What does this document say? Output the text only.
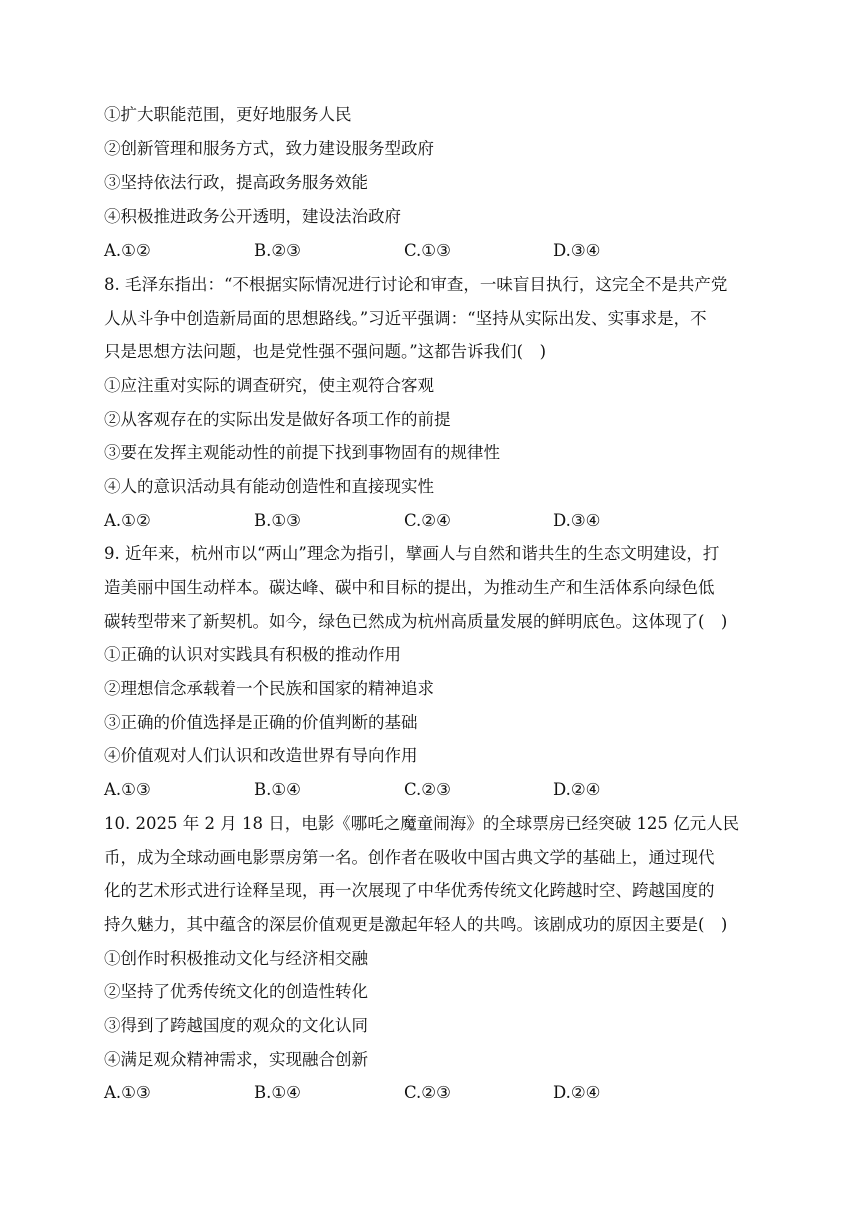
①扩大职能范围，更好地服务人民
②创新管理和服务方式，致力建设服务型政府
③坚持依法行政，提高政务服务效能
④积极推进政务公开透明，建设法治政府
A.①②	B.②③	C.①③	D.③④
8. 毛泽东指出：“不根据实际情况进行讨论和审查，一味盲目执行，这完全不是共产党
人从斗争中创造新局面的思想路线。”习近平强调：“坚持从实际出发、实事求是，不
只是思想方法问题，也是党性强不强问题。”这都告诉我们(　)
①应注重对实际的调查研究，使主观符合客观
②从客观存在的实际出发是做好各项工作的前提
③要在发挥主观能动性的前提下找到事物固有的规律性
④人的意识活动具有能动创造性和直接现实性
A.①②	B.①③	C.②④	D.③④
9. 近年来，杭州市以“两山”理念为指引，擘画人与自然和谐共生的生态文明建设，打
造美丽中国生动样本。碳达峰、碳中和目标的提出，为推动生产和生活体系向绿色低
碳转型带来了新契机。如今，绿色已然成为杭州高质量发展的鲜明底色。这体现了(　)
①正确的认识对实践具有积极的推动作用
②理想信念承载着一个民族和国家的精神追求
③正确的价值选择是正确的价值判断的基础
④价值观对人们认识和改造世界有导向作用
A.①③	B.①④	C.②③	D.②④
10. 2025 年 2 月 18 日，电影《哪吒之魔童闹海》的全球票房已经突破 125 亿元人民
币，成为全球动画电影票房第一名。创作者在吸收中国古典文学的基础上，通过现代
化的艺术形式进行诠释呈现，再一次展现了中华优秀传统文化跨越时空、跨越国度的
持久魅力，其中蕴含的深层价值观更是激起年轻人的共鸣。该剧成功的原因主要是(　)
①创作时积极推动文化与经济相交融
②坚持了优秀传统文化的创造性转化
③得到了跨越国度的观众的文化认同
④满足观众精神需求，实现融合创新
A.①③	B.①④	C.②③	D.②④
